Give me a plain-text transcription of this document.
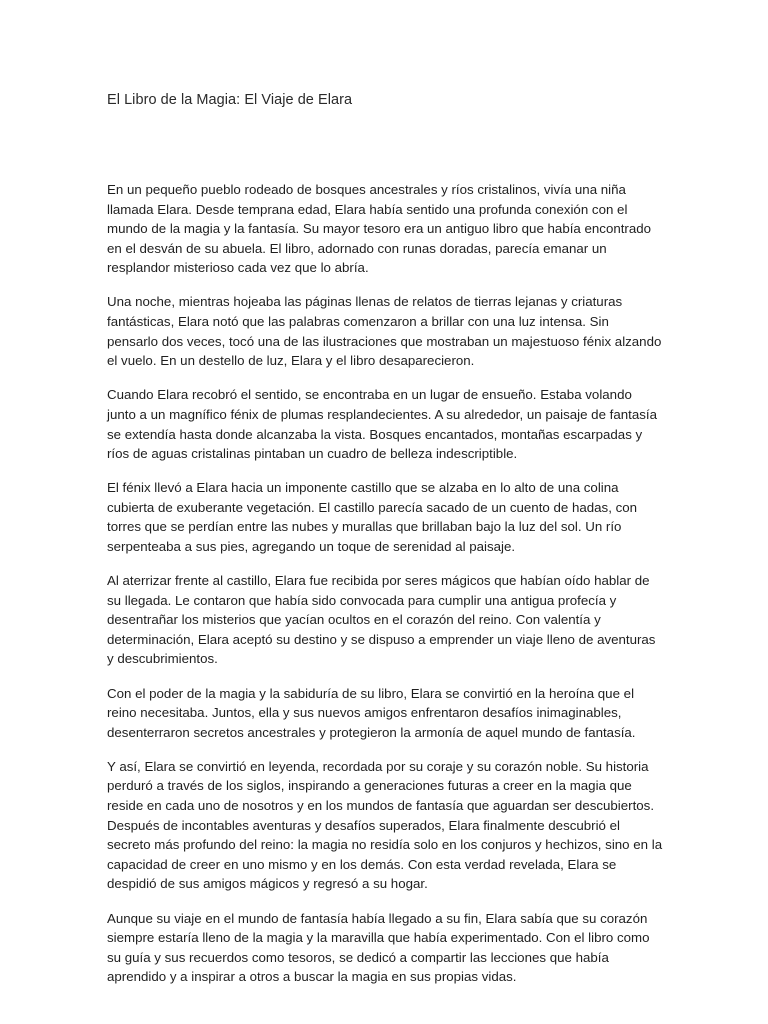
El Libro de la Magia: El Viaje de Elara

En un pequeño pueblo rodeado de bosques ancestrales y ríos cristalinos, vivía una niña llamada Elara. Desde temprana edad, Elara había sentido una profunda conexión con el mundo de la magia y la fantasía. Su mayor tesoro era un antiguo libro que había encontrado en el desván de su abuela. El libro, adornado con runas doradas, parecía emanar un resplandor misterioso cada vez que lo abría.

Una noche, mientras hojeaba las páginas llenas de relatos de tierras lejanas y criaturas fantásticas, Elara notó que las palabras comenzaron a brillar con una luz intensa. Sin pensarlo dos veces, tocó una de las ilustraciones que mostraban un majestuoso fénix alzando el vuelo. En un destello de luz, Elara y el libro desaparecieron.

Cuando Elara recobró el sentido, se encontraba en un lugar de ensueño. Estaba volando junto a un magnífico fénix de plumas resplandecientes. A su alrededor, un paisaje de fantasía se extendía hasta donde alcanzaba la vista. Bosques encantados, montañas escarpadas y ríos de aguas cristalinas pintaban un cuadro de belleza indescriptible.

El fénix llevó a Elara hacia un imponente castillo que se alzaba en lo alto de una colina cubierta de exuberante vegetación. El castillo parecía sacado de un cuento de hadas, con torres que se perdían entre las nubes y murallas que brillaban bajo la luz del sol. Un río serpenteaba a sus pies, agregando un toque de serenidad al paisaje.

Al aterrizar frente al castillo, Elara fue recibida por seres mágicos que habían oído hablar de su llegada. Le contaron que había sido convocada para cumplir una antigua profecía y desentrañar los misterios que yacían ocultos en el corazón del reino. Con valentía y determinación, Elara aceptó su destino y se dispuso a emprender un viaje lleno de aventuras y descubrimientos.

Con el poder de la magia y la sabiduría de su libro, Elara se convirtió en la heroína que el reino necesitaba. Juntos, ella y sus nuevos amigos enfrentaron desafíos inimaginables, desenterraron secretos ancestrales y protegieron la armonía de aquel mundo de fantasía.

Y así, Elara se convirtió en leyenda, recordada por su coraje y su corazón noble. Su historia perduró a través de los siglos, inspirando a generaciones futuras a creer en la magia que reside en cada uno de nosotros y en los mundos de fantasía que aguardan ser descubiertos. Después de incontables aventuras y desafíos superados, Elara finalmente descubrió el secreto más profundo del reino: la magia no residía solo en los conjuros y hechizos, sino en la capacidad de creer en uno mismo y en los demás. Con esta verdad revelada, Elara se despidió de sus amigos mágicos y regresó a su hogar.

Aunque su viaje en el mundo de fantasía había llegado a su fin, Elara sabía que su corazón siempre estaría lleno de la magia y la maravilla que había experimentado. Con el libro como su guía y sus recuerdos como tesoros, se dedicó a compartir las lecciones que había aprendido y a inspirar a otros a buscar la magia en sus propias vidas.
